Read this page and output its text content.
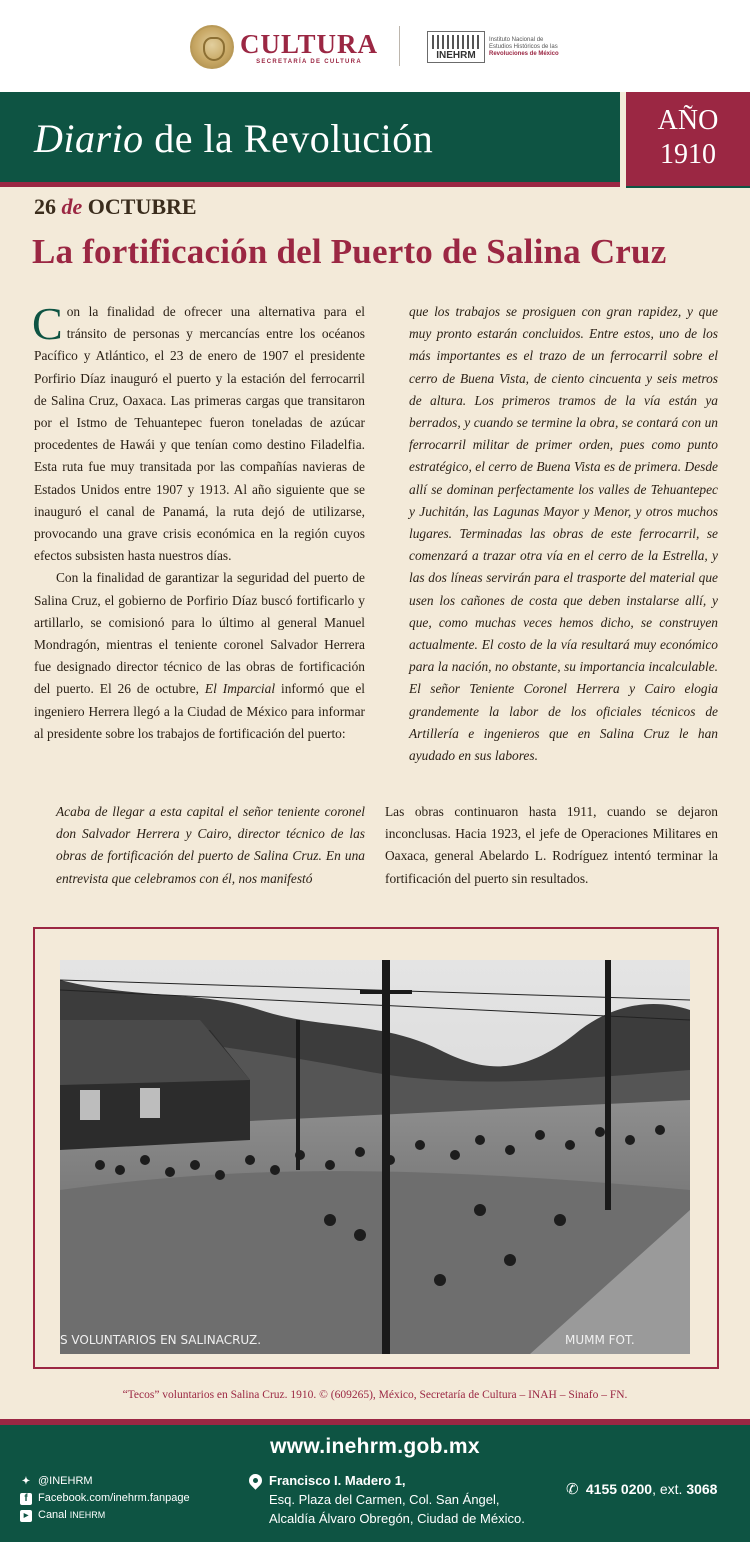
CULTURA
SECRETARÍA DE CULTURA
INEHRM
Instituto Nacional de
Estudios Históricos de las
Revoluciones de México
Diario de la Revolución	AÑO
1910
26 de OCTUBRE
La fortificación del Puerto de Salina Cruz

Con la finalidad de ofrecer una alternativa para el tránsito de personas y mercancías entre los océanos Pacífico y Atlántico, el 23 de enero de 1907 el presidente Porfirio Díaz inauguró el puerto y la estación del ferrocarril de Salina Cruz, Oaxaca. Las primeras cargas que transitaron por el Istmo de Tehuantepec fueron toneladas de azúcar procedentes de Hawái y que tenían como destino Filadelfia. Esta ruta fue muy transitada por las compañías navieras de Estados Unidos entre 1907 y 1913. Al año siguiente que se inauguró el canal de Panamá, la ruta dejó de utilizarse, provocando una grave crisis económica en la región cuyos efectos subsisten hasta nuestros días.

Con la finalidad de garantizar la seguridad del puerto de Salina Cruz, el gobierno de Porfirio Díaz buscó fortificarlo y artillarlo, se comisionó para lo último al general Manuel Mondragón, mientras el teniente coronel Salvador Herrera fue designado director técnico de las obras de fortificación del puerto. El 26 de octubre, El Imparcial informó que el ingeniero Herrera llegó a la Ciudad de México para informar al presidente sobre los trabajos de fortificación del puerto:

que los trabajos se prosiguen con gran rapidez, y que muy pronto estarán concluidos. Entre estos, uno de los más importantes es el trazo de un ferrocarril sobre el cerro de Buena Vista, de ciento cincuenta y seis metros de altura. Los primeros tramos de la vía están ya berrados, y cuando se termine la obra, se contará con un ferrocarril militar de primer orden, pues como punto estratégico, el cerro de Buena Vista es de primera. Desde allí se dominan perfectamente los valles de Tehuantepec y Juchitán, las Lagunas Mayor y Menor, y otros muchos lugares. Terminadas las obras de este ferrocarril, se comenzará a trazar otra vía en el cerro de la Estrella, y las dos líneas servirán para el trasporte del material que usen los cañones de costa que deben instalarse allí, y que, como muchas veces hemos dicho, se construyen actualmente. El costo de la vía resultará muy económico para la nación, no obstante, su importancia incalculable. El señor Teniente Coronel Herrera y Cairo elogia grandemente la labor de los oficiales técnicos de Artillería e ingenieros que en Salina Cruz le han ayudado en sus labores.
Acaba de llegar a esta capital el señor teniente coronel don Salvador Herrera y Cairo, director técnico de las obras de fortificación del puerto de Salina Cruz. En una entrevista que celebramos con él, nos manifestó
Las obras continuaron hasta 1911, cuando se dejaron inconclusas. Hacia 1923, el jefe de Operaciones Militares en Oaxaca, general Abelardo L. Rodríguez intentó terminar la fortificación del puerto sin resultados.
S VOLUNTARIOS EN SALINACRUZ.	MUMM FOT.
“Tecos” voluntarios en Salina Cruz. 1910. © (609265), México, Secretaría de Cultura – INAH – Sinafo – FN.
www.inehrm.gob.mx
✦ @INEHRM
f Facebook.com/inehrm.fanpage
▶ Canal INEHRM
Francisco I. Madero 1,
Esq. Plaza del Carmen, Col. San Ángel,
Alcaldía Álvaro Obregón, Ciudad de México.
✆ 4155 0200, ext. 3068
